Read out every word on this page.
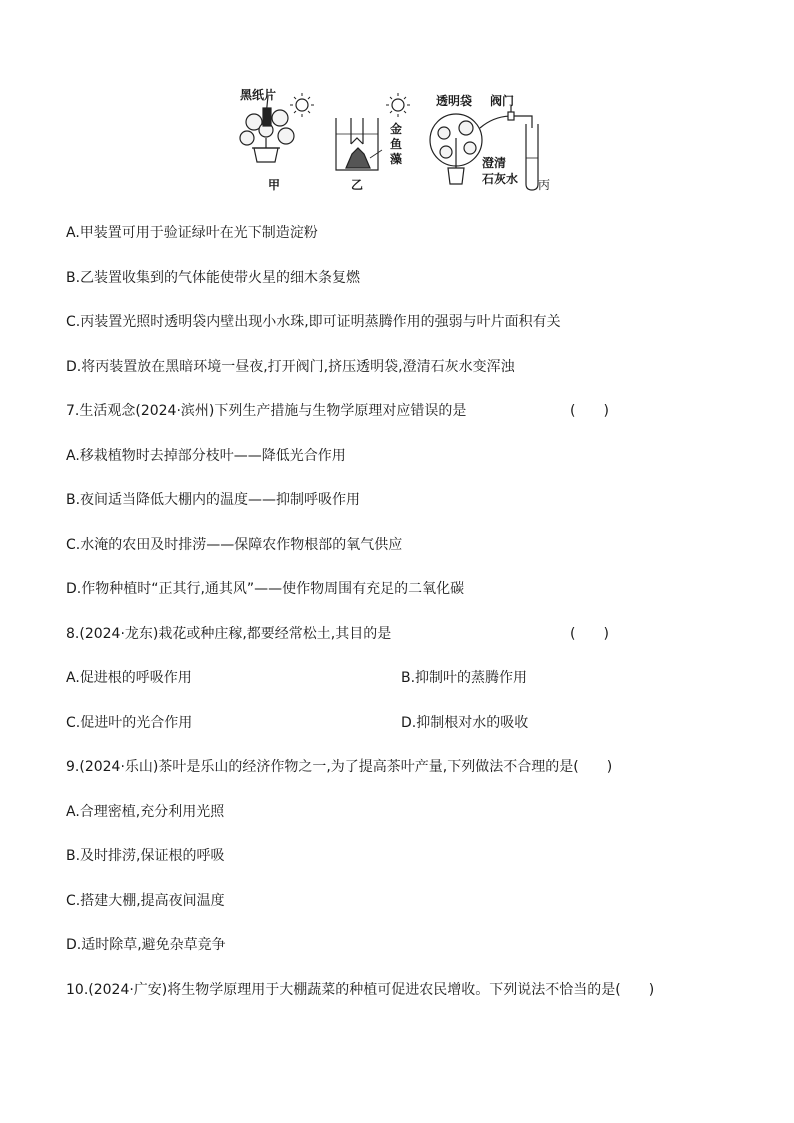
黑纸片
甲
金鱼藻
乙
透明袋 阀门
澄清
石灰水 丙
A.甲装置可用于验证绿叶在光下制造淀粉
B.乙装置收集到的气体能使带火星的细木条复燃
C.丙装置光照时透明袋内壁出现小水珠,即可证明蒸腾作用的强弱与叶片面积有关
D.将丙装置放在黑暗环境一昼夜,打开阀门,挤压透明袋,澄清石灰水变浑浊
7.生活观念(2024·滨州)下列生产措施与生物学原理对应错误的是	(　　)
A.移栽植物时去掉部分枝叶——降低光合作用
B.夜间适当降低大棚内的温度——抑制呼吸作用
C.水淹的农田及时排涝——保障农作物根部的氧气供应
D.作物种植时“正其行,通其风”——使作物周围有充足的二氧化碳
8.(2024·龙东)栽花或种庄稼,都要经常松土,其目的是	(　　)
A.促进根的呼吸作用	B.抑制叶的蒸腾作用
C.促进叶的光合作用	D.抑制根对水的吸收
9.(2024·乐山)茶叶是乐山的经济作物之一,为了提高茶叶产量,下列做法不合理的是(　　)
A.合理密植,充分利用光照
B.及时排涝,保证根的呼吸
C.搭建大棚,提高夜间温度
D.适时除草,避免杂草竞争
10.(2024·广安)将生物学原理用于大棚蔬菜的种植可促进农民增收。下列说法不恰当的是(　　)
